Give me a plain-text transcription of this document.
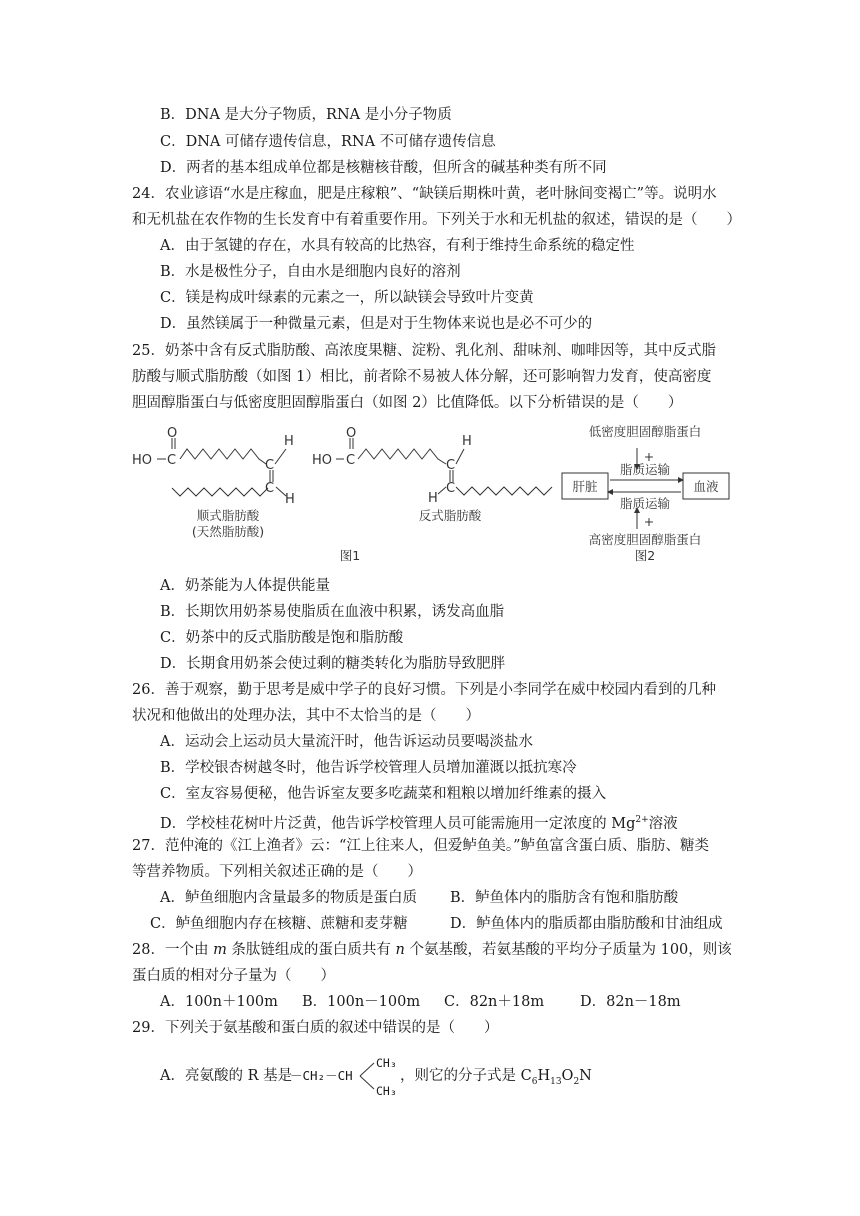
B．DNA 是大分子物质，RNA 是小分子物质
C．DNA 可储存遗传信息，RNA 不可储存遗传信息
D．两者的基本组成单位都是核糖核苷酸，但所含的碱基种类有所不同
24．农业谚语“水是庄稼血，肥是庄稼粮”、“缺镁后期株叶黄，老叶脉间变褐亡”等。说明水
和无机盐在农作物的生长发育中有着重要作用。下列关于水和无机盐的叙述，错误的是（　　）
A．由于氢键的存在，水具有较高的比热容，有利于维持生命系统的稳定性
B．水是极性分子，自由水是细胞内良好的溶剂
C．镁是构成叶绿素的元素之一，所以缺镁会导致叶片变黄
D．虽然镁属于一种微量元素，但是对于生物体来说也是必不可少的
25．奶茶中含有反式脂肪酸、高浓度果糖、淀粉、乳化剂、甜味剂、咖啡因等，其中反式脂
肪酸与顺式脂肪酸（如图 1）相比，前者除不易被人体分解，还可影响智力发育，使高密度
胆固醇脂蛋白与低密度胆固醇脂蛋白（如图 2）比值降低。以下分析错误的是（　　）
HO C
O
C
C
H
H
HO C
O
C
C
H
H
顺式脂肪酸
(天然脂肪酸)
反式脂肪酸
图1
低密度胆固醇脂蛋白
+
脂质运输
肝脏	血液
脂质运输
+
高密度胆固醇脂蛋白
图2
A．奶茶能为人体提供能量
B．长期饮用奶茶易使脂质在血液中积累，诱发高血脂
C．奶茶中的反式脂肪酸是饱和脂肪酸
D．长期食用奶茶会使过剩的糖类转化为脂肪导致肥胖
26．善于观察，勤于思考是威中学子的良好习惯。下列是小李同学在威中校园内看到的几种
状况和他做出的处理办法，其中不太恰当的是（　　）
A．运动会上运动员大量流汗时，他告诉运动员要喝淡盐水
B．学校银杏树越冬时，他告诉学校管理人员增加灌溉以抵抗寒冷
C．室友容易便秘，他告诉室友要多吃蔬菜和粗粮以增加纤维素的摄入
D．学校桂花树叶片泛黄，他告诉学校管理人员可能需施用一定浓度的 $Mg^{2+}$溶液
27．范仲淹的《江上渔者》云：“江上往来人，但爱鲈鱼美。”鲈鱼富含蛋白质、脂肪、糖类
等营养物质。下列相关叙述正确的是（　　）
A．鲈鱼细胞内含量最多的物质是蛋白质 B．鲈鱼体内的脂肪含有饱和脂肪酸
C．鲈鱼细胞内存在核糖、蔗糖和麦芽糖	D．鲈鱼体内的脂质都由脂肪酸和甘油组成
28．一个由 m 条肽链组成的蛋白质共有 n 个氨基酸，若氨基酸的平均分子质量为 100，则该
蛋白质的相对分子量为（　　）
A．100n＋100m B．100n－100m C．82n＋18m D．82n－18m
29．下列关于氨基酸和蛋白质的叙述中错误的是（　　）
A．亮氨酸的 R 基是
－CH₂－CH
CH₃
CH₃
，则它的分子式是 $C_6H_{13}O_2N$
